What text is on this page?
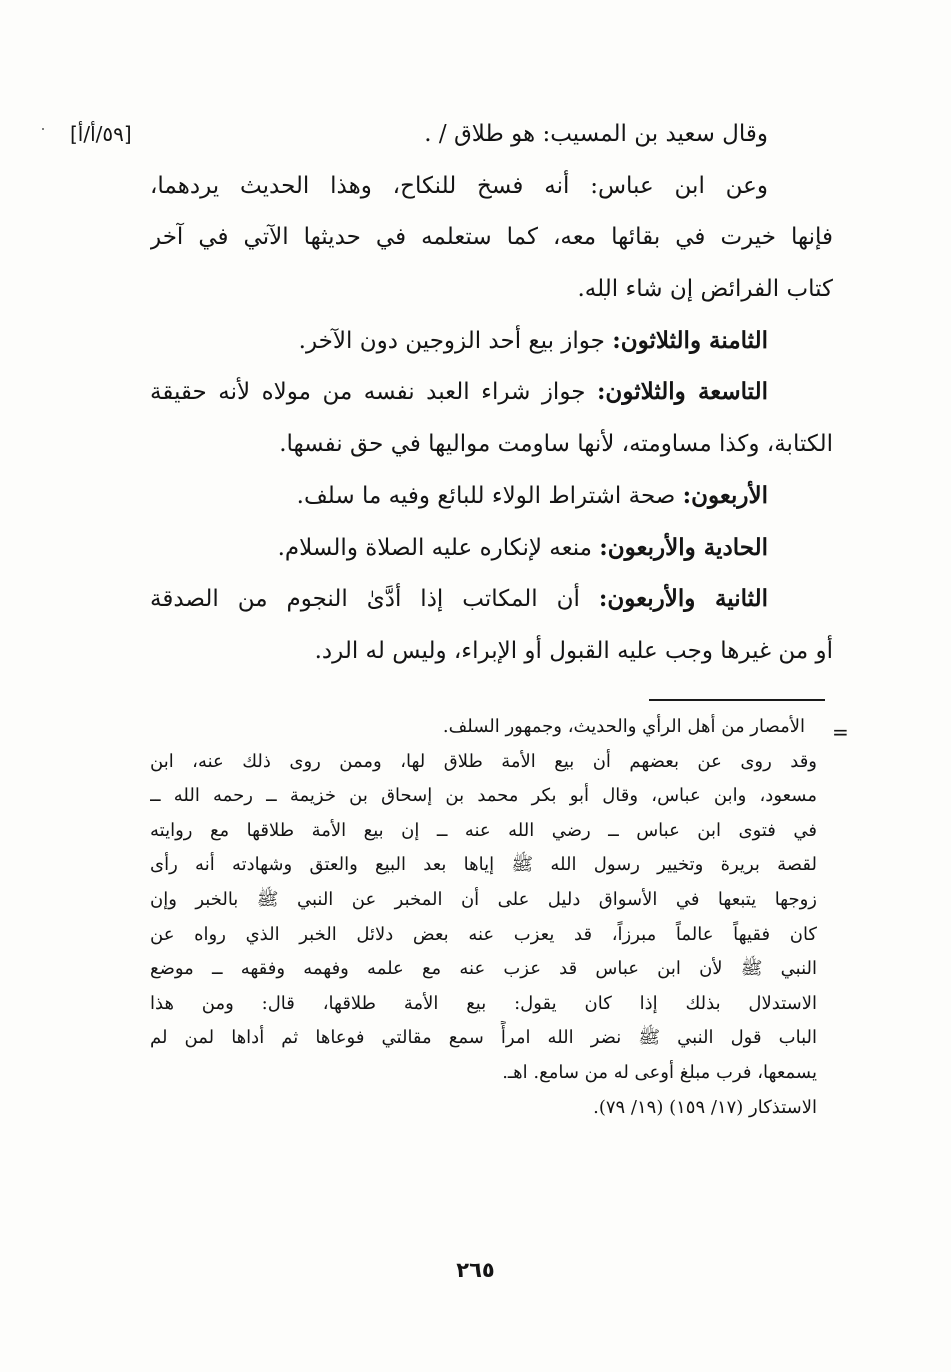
[٥٩/أ/أ]	وقال سعيد بن المسيب: هو طلاق / .
وعن ابن عباس: أنه فسخ للنكاح، وهذا الحديث يردهما،
فإنها خيرت في بقائها معه، كما ستعلمه في حديثها الآتي في آخر
كتاب الفرائض إن شاء الله.
الثامنة والثلاثون: جواز بيع أحد الزوجين دون الآخر.
التاسعة والثلاثون: جواز شراء العبد نفسه من مولاه لأنه حقيقة
الكتابة، وكذا مساومته، لأنها ساومت مواليها في حق نفسها.
الأربعون: صحة اشتراط الولاء للبائع وفيه ما سلف.
الحادية والأربعون: منعه لإنكاره عليه الصلاة والسلام.
الثانية والأربعون: أن المكاتب إذا أدَّىٰ النجوم من الصدقة
أو من غيرها وجب عليه القبول أو الإبراء، وليس له الرد.
=
الأمصار من أهل الرأي والحديث، وجمهور السلف.
وقد روى عن بعضهم أن بيع الأمة طلاق لها، وممن روى ذلك عنه، ابن
مسعود، وابن عباس، وقال أبو بكر محمد بن إسحاق بن خزيمة ــ رحمه الله ــ
في فتوى ابن عباس ــ رضي الله عنه ــ إن بيع الأمة طلاقها مع روايته
لقصة بريرة وتخيير رسول الله ﷺ إياها بعد البيع والعتق وشهادته أنه رأى
زوجها يتبعها في الأسواق دليل على أن المخبر عن النبي ﷺ بالخبر وإن
كان فقيهاً عالماً مبرزاً، قد يعزب عنه بعض دلائل الخبر الذي رواه عن
النبي ﷺ لأن ابن عباس قد عزب عنه مع علمه وفهمه وفقهه ــ موضع
الاستدلال بذلك إذا كان يقول: بيع الأمة طلاقها، قال: ومن هذا
الباب قول النبي ﷺ نضر الله امرأً سمع مقالتي فوعاها ثم أداها لمن لم
يسمعها، فرب مبلغ أوعى له من سامع. اهـ.
الاستذكار (١٧/ ١٥٩) (١٩/ ٧٩).
٢٦٥
